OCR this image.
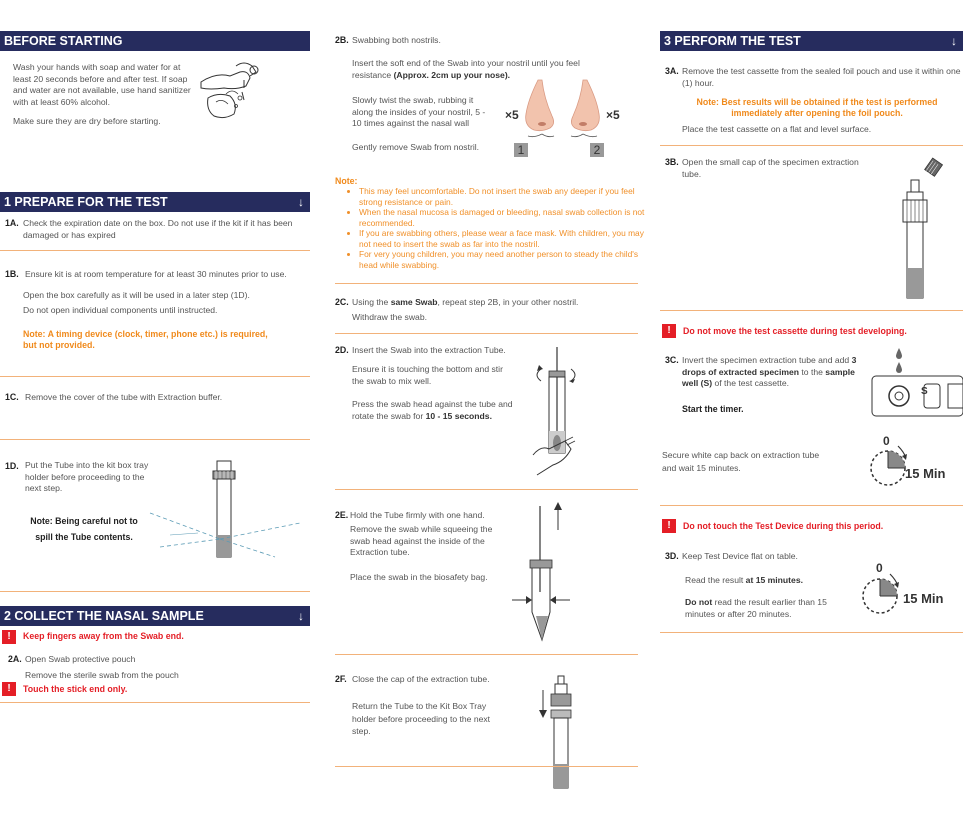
BEFORE STARTING
Wash your hands with soap and water for at least 20 seconds before and after test. If soap and water are not available, use hand sanitizer with at least 60% alcohol.
Make sure they are dry before starting.
1 PREPARE FOR THE TEST	↓
1A. Check the expiration date on the box. Do not use if the kit if it has been damaged or has expired
1B. Ensure kit is at room temperature for at least 30 minutes prior to use.
Open the box carefully as it will be used in a later step (1D).
Do not open individual components until instructed.
Note: A timing device (clock, timer, phone etc.) is required, but not provided.
1C. Remove the cover of the tube with Extraction buffer.
1D. Put the Tube into the kit box tray holder before proceeding to the next step.
Note: Being careful not to spill the Tube contents.
2 COLLECT THE NASAL SAMPLE	↓
!	Keep fingers away from the Swab end.
2A. Open Swab protective pouch
Remove the sterile swab from the pouch
!	Touch the stick end only.
2B. Swabbing both nostrils.
Insert the soft end of the Swab into your nostril until you feel resistance (Approx. 2cm up your nose).
Slowly twist the swab, rubbing it along the insides of your nostril, 5 - 10 times against the nasal wall
Gently remove Swab from nostril.
×5	×5
1	2
Note:
• This may feel uncomfortable. Do not insert the swab any deeper if you feel strong resistance or pain.
• When the nasal mucosa is damaged or bleeding, nasal swab collection is not recommended.
• If you are swabbing others, please wear a face mask. With children, you may not need to insert the swab as far into the nostril.
• For very young children, you may need another person to steady the child's head while swabbing.
2C. Using the same Swab, repeat step 2B, in your other nostril.
Withdraw the swab.
2D. Insert the Swab into the extraction Tube.
Ensure it is touching the bottom and stir the swab to mix well.
Press the swab head against the tube and rotate the swab for 10 - 15 seconds.
2E. Hold the Tube firmly with one hand.
Remove the swab while squeeing the swab head against the inside of the Extraction tube.
Place the swab in the biosafety bag.
2F. Close the cap of the extraction tube.
Return the Tube to the Kit Box Tray holder before proceeding to the next step.
3 PERFORM THE TEST	↓
3A. Remove the test cassette from the sealed foil pouch and use it within one (1) hour.
Note: Best results will be obtained if the test is performed immediately after opening the foil pouch.
Place the test cassette on a flat and level surface.
3B. Open the small cap of the specimen extraction tube.
!	Do not move the test cassette during test developing.
3C. Invert the specimen extraction tube and add 3 drops of extracted specimen to the sample well (S) of the test cassette.
Start the timer.
S
Secure white cap back on extraction tube and wait 15 minutes.
0
15 Min
!	Do not touch the Test Device during this period.
3D. Keep Test Device flat on table.
Read the result at 15 minutes.
Do not read the result earlier than 15 minutes or after 20 minutes.
0
15 Min
